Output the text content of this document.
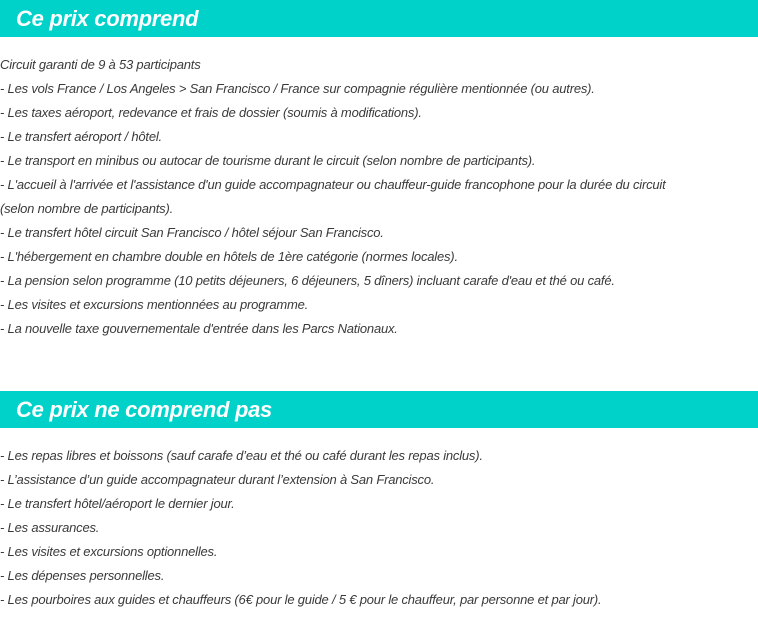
Ce prix comprend
Circuit garanti de 9 à 53 participants
- Les vols France / Los Angeles > San Francisco / France sur compagnie régulière mentionnée (ou autres).
- Les taxes aéroport, redevance et frais de dossier (soumis à modifications).
- Le transfert aéroport / hôtel.
- Le transport en minibus ou autocar de tourisme durant le circuit (selon nombre de participants).
- L'accueil à l'arrivée et l'assistance d'un guide accompagnateur ou chauffeur-guide francophone pour la durée du circuit
(selon nombre de participants).
- Le transfert hôtel circuit San Francisco / hôtel séjour San Francisco.
- L'hébergement en chambre double en hôtels de 1ère catégorie (normes locales).
- La pension selon programme (10 petits déjeuners, 6 déjeuners, 5 dîners) incluant carafe d'eau et thé ou café.
- Les visites et excursions mentionnées au programme.
- La nouvelle taxe gouvernementale d'entrée dans les Parcs Nationaux.
Ce prix ne comprend pas
- Les repas libres et boissons (sauf carafe d’eau et thé ou café durant les repas inclus).
- L’assistance d’un guide accompagnateur durant l’extension à San Francisco.
- Le transfert hôtel/aéroport le dernier jour.
- Les assurances.
- Les visites et excursions optionnelles.
- Les dépenses personnelles.
- Les pourboires aux guides et chauffeurs (6€ pour le guide / 5 € pour le chauffeur, par personne et par jour).
